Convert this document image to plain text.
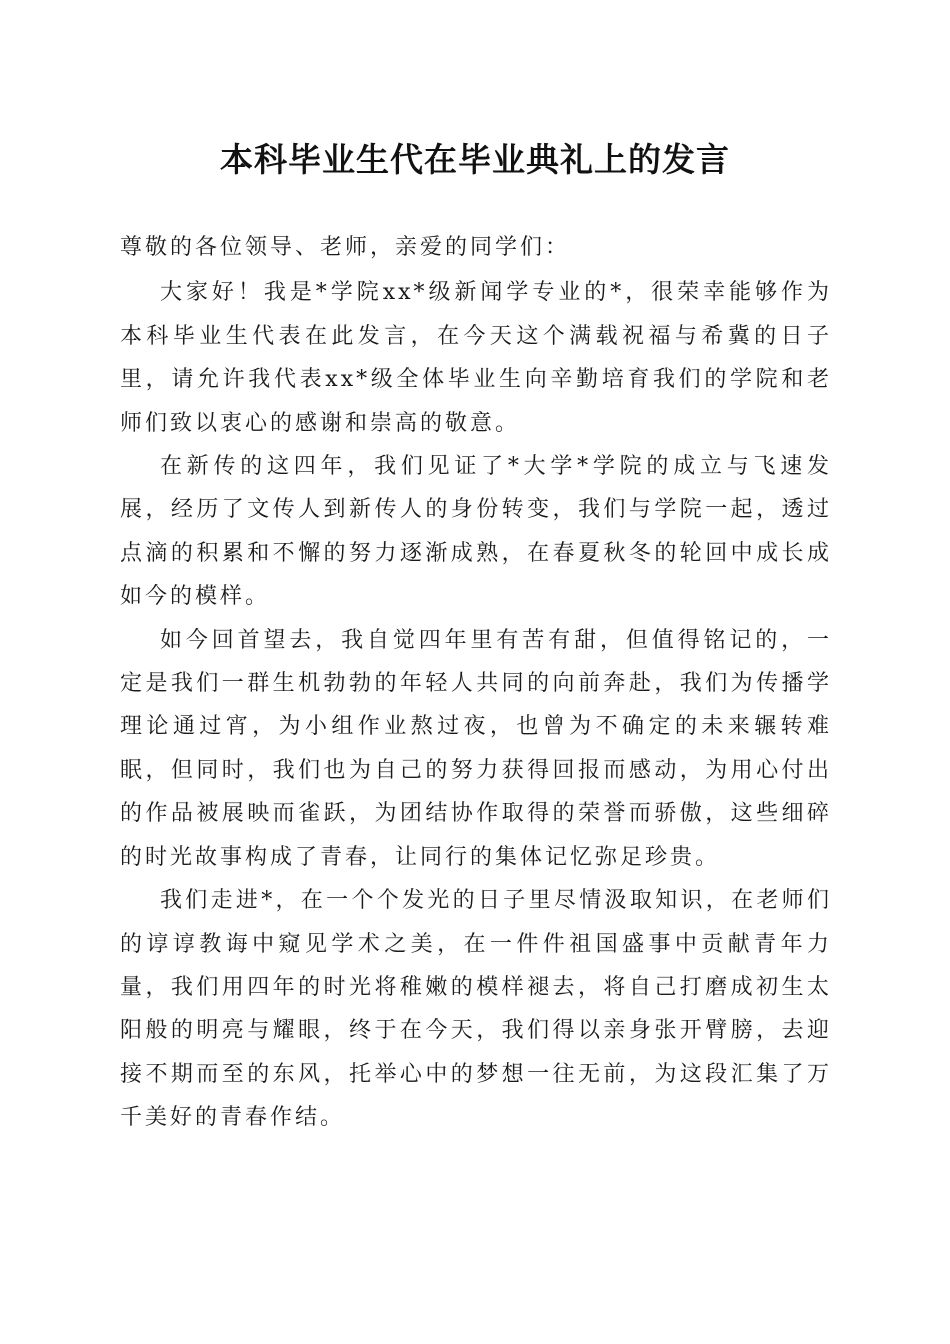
本科毕业生代在毕业典礼上的发言

尊敬的各位领导、老师，亲爱的同学们：

大家好！我是*学院xx*级新闻学专业的*，很荣幸能够作为本科毕业生代表在此发言，在今天这个满载祝福与希冀的日子里，请允许我代表xx*级全体毕业生向辛勤培育我们的学院和老师们致以衷心的感谢和崇高的敬意。

在新传的这四年，我们见证了*大学*学院的成立与飞速发展，经历了文传人到新传人的身份转变，我们与学院一起，透过点滴的积累和不懈的努力逐渐成熟，在春夏秋冬的轮回中成长成如今的模样。

如今回首望去，我自觉四年里有苦有甜，但值得铭记的，一定是我们一群生机勃勃的年轻人共同的向前奔赴，我们为传播学理论通过宵，为小组作业熬过夜，也曾为不确定的未来辗转难眠，但同时，我们也为自己的努力获得回报而感动，为用心付出的作品被展映而雀跃，为团结协作取得的荣誉而骄傲，这些细碎的时光故事构成了青春，让同行的集体记忆弥足珍贵。

我们走进*，在一个个发光的日子里尽情汲取知识，在老师们的谆谆教诲中窥见学术之美，在一件件祖国盛事中贡献青年力量，我们用四年的时光将稚嫩的模样褪去，将自己打磨成初生太阳般的明亮与耀眼，终于在今天，我们得以亲身张开臂膀，去迎接不期而至的东风，托举心中的梦想一往无前，为这段汇集了万千美好的青春作结。
